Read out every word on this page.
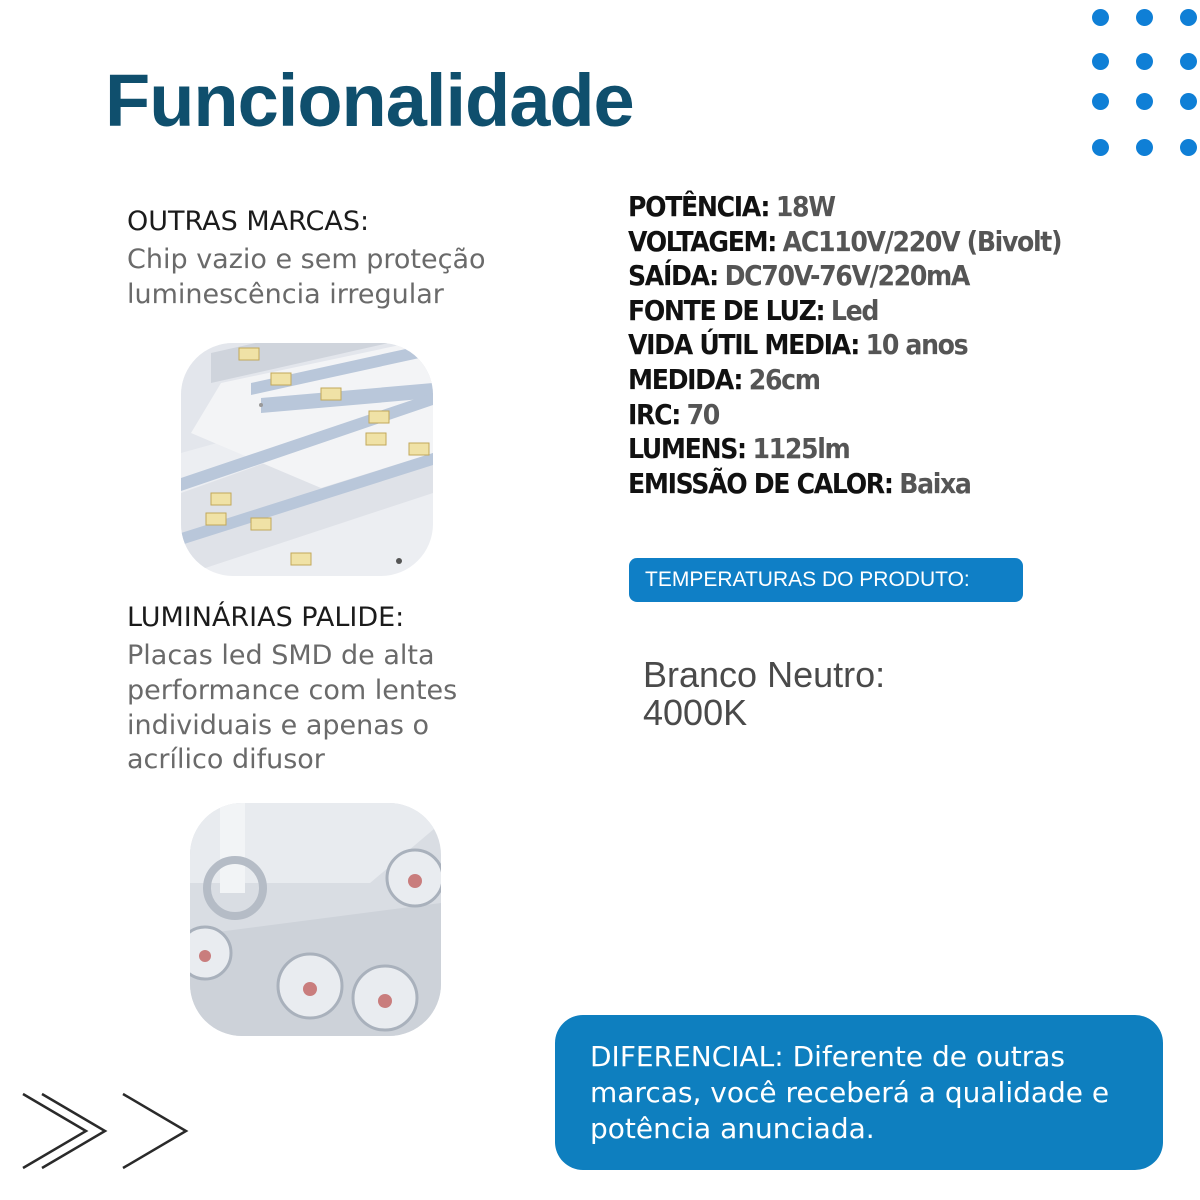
Funcionalidade

OUTRAS MARCAS:

Chip vazio e sem proteção

luminescência irregular

LUMINÁRIAS PALIDE:

Placas led SMD de alta

performance com lentes

individuais e apenas o

acrílico difusor

POTÊNCIA: 18W
VOLTAGEM: AC110V/220V (Bivolt)
SAÍDA: DC70V-76V/220mA
FONTE DE LUZ: Led
VIDA ÚTIL MEDIA: 10 anos
MEDIDA: 26cm
IRC: 70
LUMENS: 1125lm
EMISSÃO DE CALOR: Baixa
TEMPERATURAS DO PRODUTO:

Branco Neutro:
4000K

DIFERENCIAL: Diferente de outras
marcas, você receberá a qualidade e
potência anunciada.
